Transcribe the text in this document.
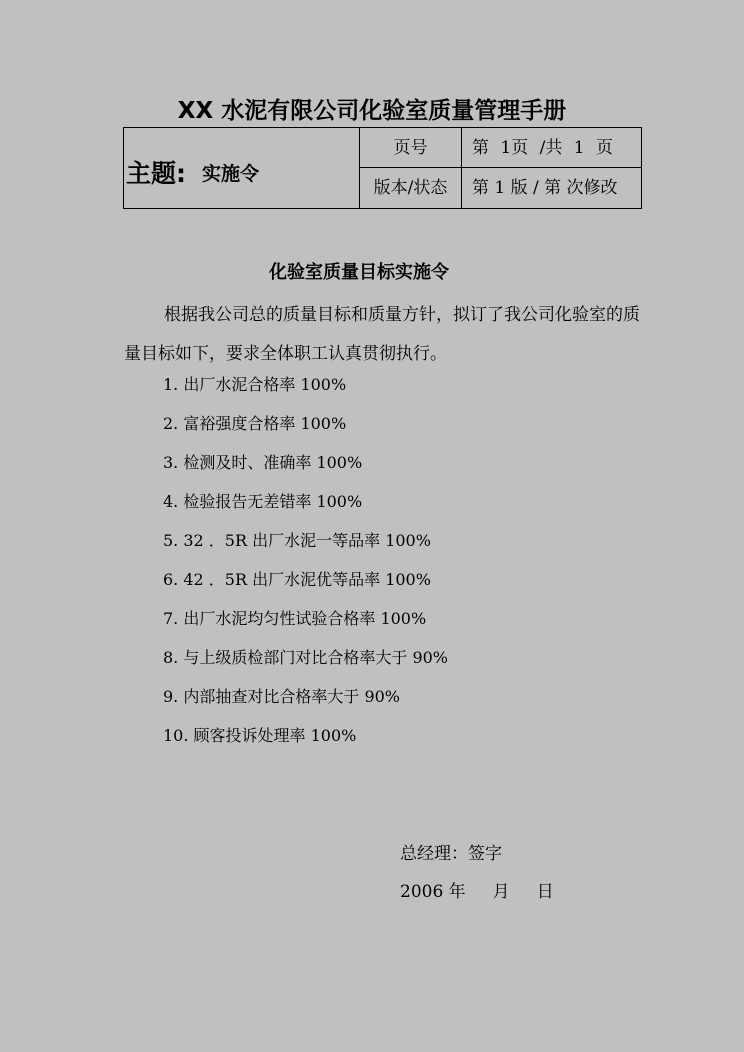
XX 水泥有限公司化验室质量管理手册
主题: 实施令
页号	第 1页 /共 1 页
版本/状态	第 1 版 / 第 次修改
化验室质量目标实施令
根据我公司总的质量目标和质量方针，拟订了我公司化验室的质量目标如下，要求全体职工认真贯彻执行。
1. 出厂水泥合格率 100%
2. 富裕强度合格率 100%
3. 检测及时、准确率 100%
4. 检验报告无差错率 100%
5. 32 ．5R 出厂水泥一等品率 100%
6. 42 ．5R 出厂水泥优等品率 100%
7. 出厂水泥均匀性试验合格率 100%
8. 与上级质检部门对比合格率大于 90%
9. 内部抽查对比合格率大于 90%
10. 顾客投诉处理率 100%
总经理：签字
2006 年     月     日
